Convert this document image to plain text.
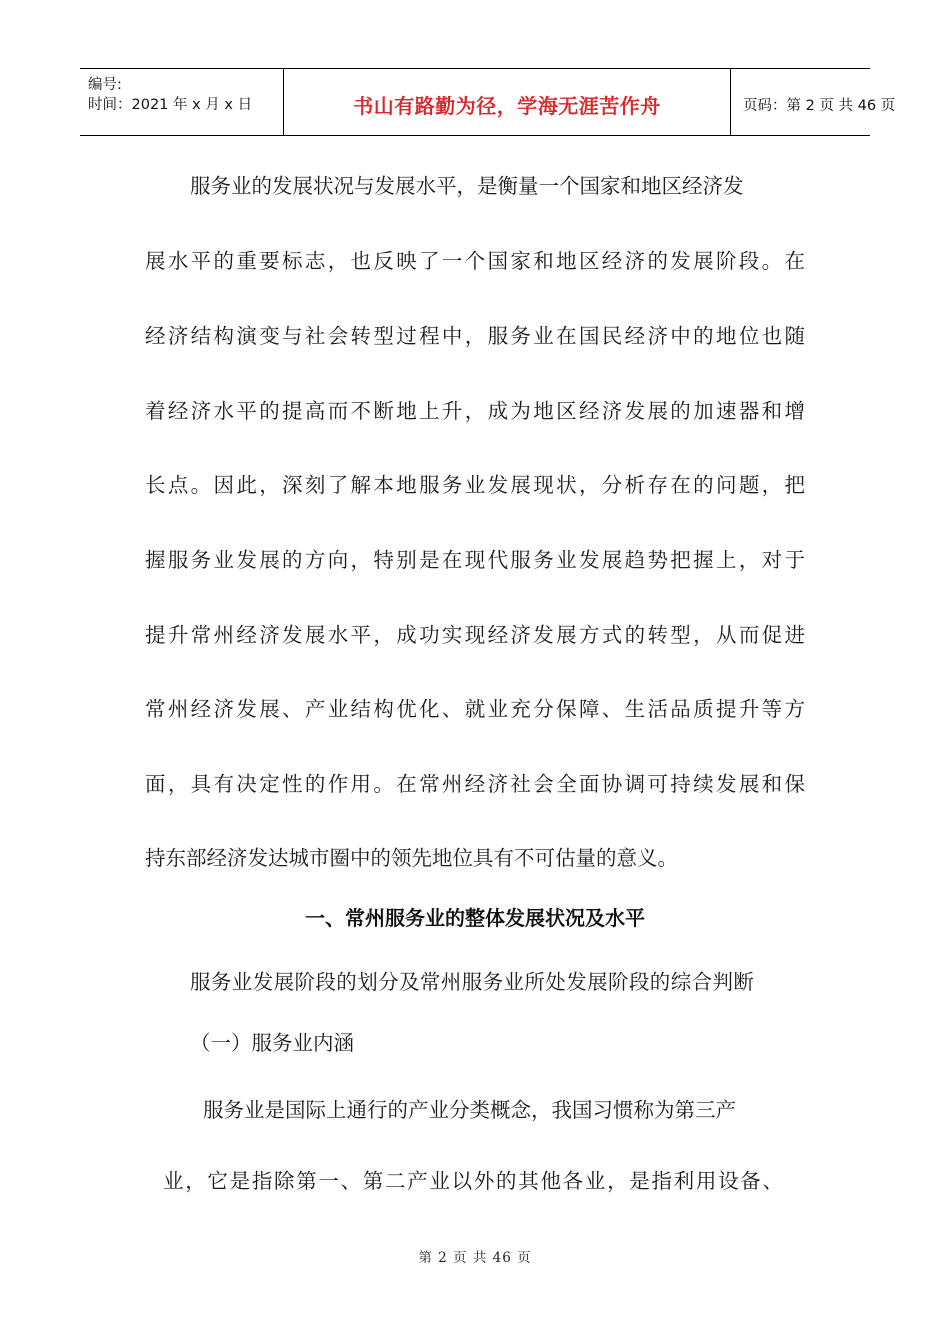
编号:
时间：2021 年 x 月 x 日	书山有路勤为径，学海无涯苦作舟	页码：第 2 页 共 46 页
服务业的发展状况与发展水平，是衡量一个国家和地区经济发
展水平的重要标志，也反映了一个国家和地区经济的发展阶段。在
经济结构演变与社会转型过程中，服务业在国民经济中的地位也随
着经济水平的提高而不断地上升，成为地区经济发展的加速器和增
长点。因此，深刻了解本地服务业发展现状，分析存在的问题，把
握服务业发展的方向，特别是在现代服务业发展趋势把握上，对于
提升常州经济发展水平，成功实现经济发展方式的转型，从而促进
常州经济发展、产业结构优化、就业充分保障、生活品质提升等方
面，具有决定性的作用。在常州经济社会全面协调可持续发展和保
持东部经济发达城市圈中的领先地位具有不可估量的意义。
一、常州服务业的整体发展状况及水平
服务业发展阶段的划分及常州服务业所处发展阶段的综合判断
（一）服务业内涵
服务业是国际上通行的产业分类概念，我国习惯称为第三产
业，它是指除第一、第二产业以外的其他各业，是指利用设备、
第 2 页 共 46 页
